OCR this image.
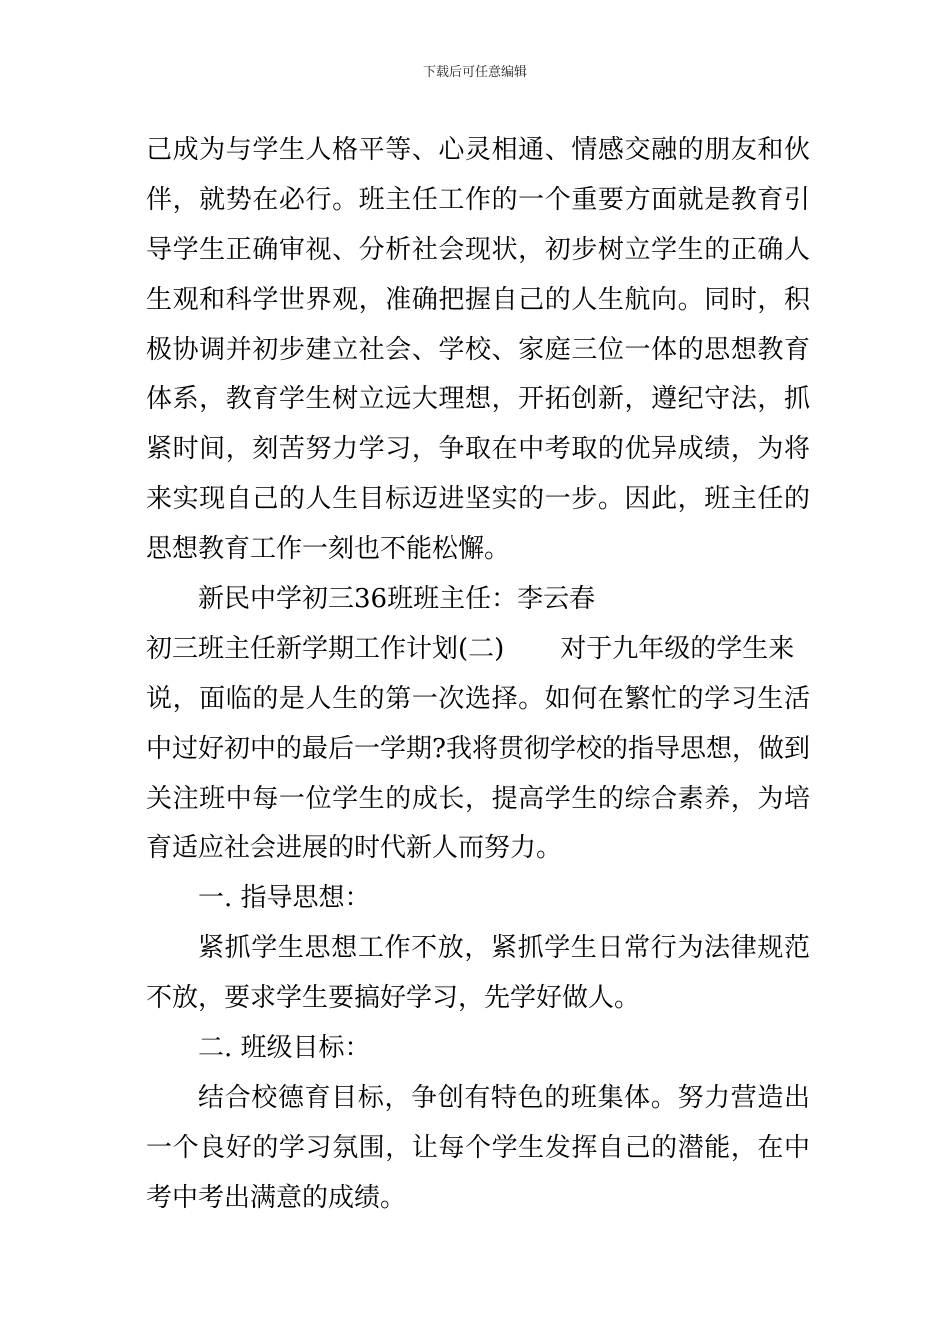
下载后可任意编辑
己成为与学生人格平等、心灵相通、情感交融的朋友和伙
伴，就势在必行。班主任工作的一个重要方面就是教育引
导学生正确审视、分析社会现状，初步树立学生的正确人
生观和科学世界观，准确把握自己的人生航向。同时，积
极协调并初步建立社会、学校、家庭三位一体的思想教育
体系，教育学生树立远大理想，开拓创新，遵纪守法，抓
紧时间，刻苦努力学习，争取在中考取的优异成绩，为将
来实现自己的人生目标迈进坚实的一步。因此，班主任的
思想教育工作一刻也不能松懈。
新民中学初三36班班主任：李云春
初三班主任新学期工作计划(二) 对于九年级的学生来
说，面临的是人生的第一次选择。如何在繁忙的学习生活
中过好初中的最后一学期?我将贯彻学校的指导思想，做到
关注班中每一位学生的成长，提高学生的综合素养，为培
育适应社会进展的时代新人而努力。
一. 指导思想：
紧抓学生思想工作不放，紧抓学生日常行为法律规范
不放，要求学生要搞好学习，先学好做人。
二. 班级目标：
结合校德育目标，争创有特色的班集体。努力营造出
一个良好的学习氛围，让每个学生发挥自己的潜能，在中
考中考出满意的成绩。
